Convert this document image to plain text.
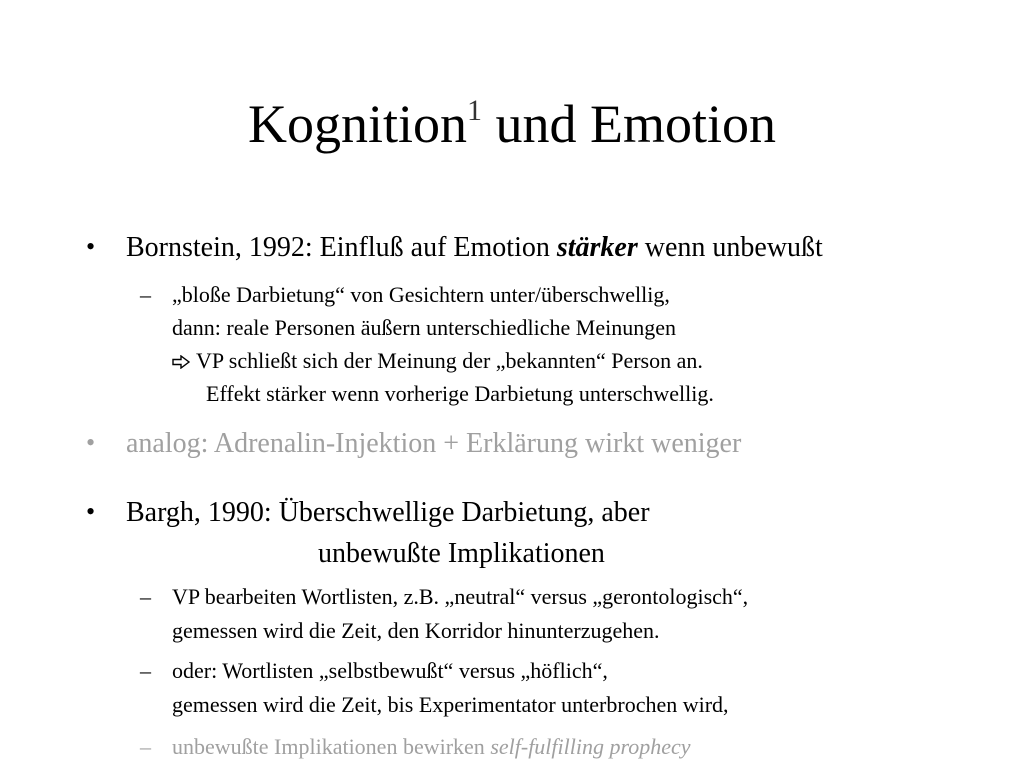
Kognition$^1$ und Emotion
• Bornstein, 1992: Einfluß auf Emotion stärker wenn unbewußt
– „bloße Darbietung“ von Gesichtern unter/überschwellig,
dann: reale Personen äußern unterschiedliche Meinungen
VP schließt sich der Meinung der „bekannten“ Person an.
Effekt stärker wenn vorherige Darbietung unterschwellig.
• analog: Adrenalin-Injektion + Erklärung wirkt weniger
• Bargh, 1990: Überschwellige Darbietung, aber
unbewußte Implikationen
– VP bearbeiten Wortlisten, z.B. „neutral“ versus „gerontologisch“,
gemessen wird die Zeit, den Korridor hinunterzugehen.
– oder: Wortlisten „selbstbewußt“ versus „höflich“,
gemessen wird die Zeit, bis Experimentator unterbrochen wird,
– unbewußte Implikationen bewirken self-fulfilling prophecy
